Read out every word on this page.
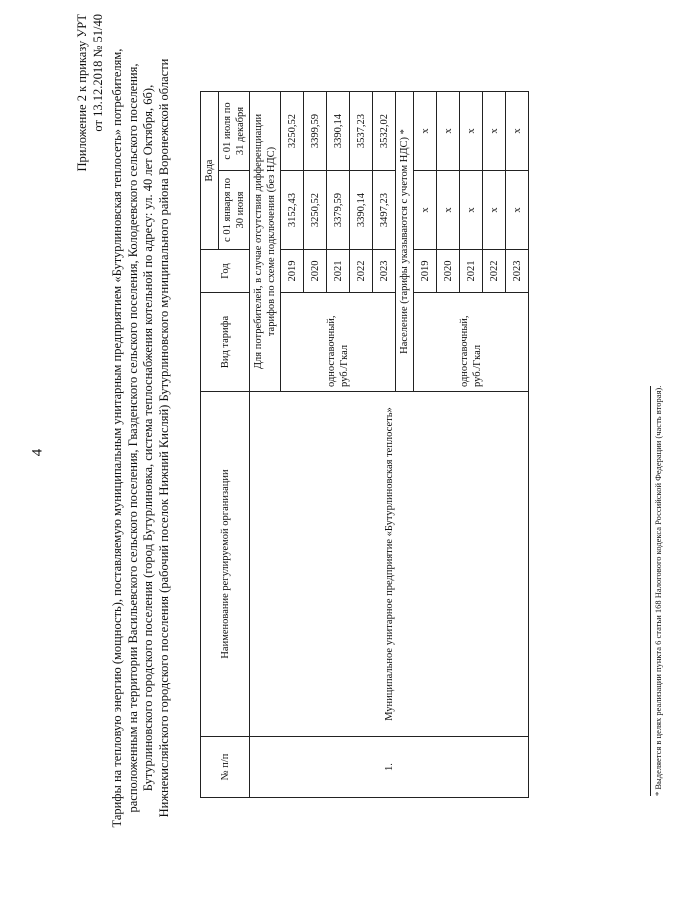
4
Приложение 2 к приказу УРТ от 13.12.2018 № 51/40 Тарифы на тепловую энергию (мощность), поставляемую муниципальным унитарным предприятием «Бутурлиновская теплосеть» потребителям, расположенным на территории Васильевского сельского поселения, Гвазденского сельского поселения, Колодеевского сельского поселения, Бутурлиновского городского поселения (город Бутурлиновка, система теплоснабжения котельной по адресу: ул. 40 лет Октября, 6б), Нижнекисляйского городского поселения (рабочий поселок Нижний Кисляй) Бутурлиновского муниципального района Воронежской области	№ п/п	Наименование регулируемой организации	Вид тарифа	Год	Вода	
				с 01 января по 30 июня	с 01 июля по 31 декабря
1.	Муниципальное унитарное предприятие «Бутурлиновская теплосеть»	Для потребителей, в случае отсутствия дифференциации тарифов по схеме подключения (без НДС)			
		одноставочный, руб./Гкал	2019	3152,43	3250,52
			2020	3250,52	3399,59
			2021	3379,59	3390,14
			2022	3390,14	3537,23
			2023	3497,23	3532,02
		Население (тарифы указываются с учетом НДС) *			
		одноставочный, руб./Гкал	2019	x	x
			2020	x	x
			2021	x	x
			2022	x	x
			2023	x	x
* Выделяется в целях реализации пункта 6 статьи 168 Налогового кодекса Российской Федерации (часть вторая).
